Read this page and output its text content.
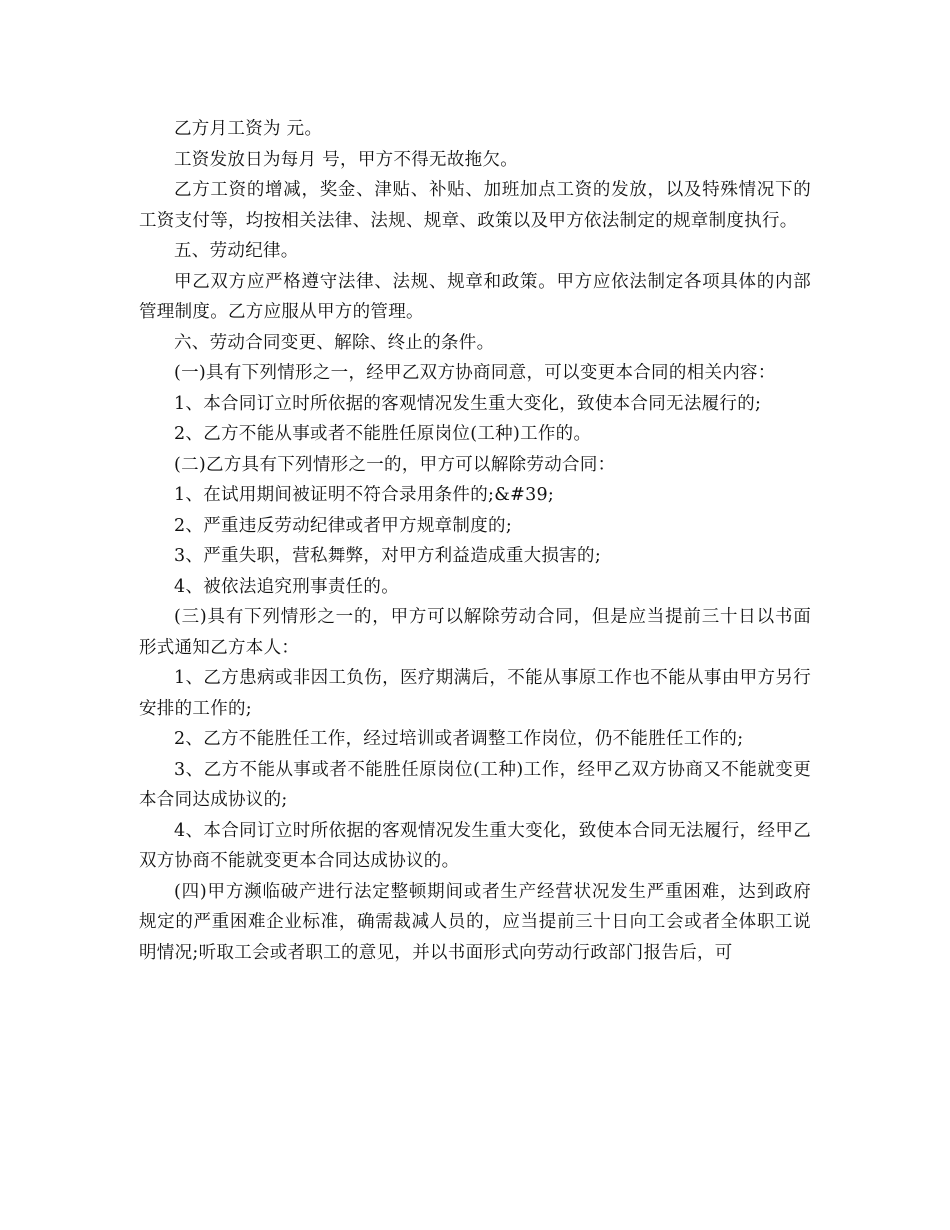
乙方月工资为 元。

工资发放日为每月 号，甲方不得无故拖欠。

乙方工资的增减，奖金、津贴、补贴、加班加点工资的发放，以及特殊情况下的工资支付等，均按相关法律、法规、规章、政策以及甲方依法制定的规章制度执行。

五、劳动纪律。

甲乙双方应严格遵守法律、法规、规章和政策。甲方应依法制定各项具体的内部管理制度。乙方应服从甲方的管理。

六、劳动合同变更、解除、终止的条件。

(一)具有下列情形之一，经甲乙双方协商同意，可以变更本合同的相关内容：

1、本合同订立时所依据的客观情况发生重大变化，致使本合同无法履行的;

2、乙方不能从事或者不能胜任原岗位(工种)工作的。

(二)乙方具有下列情形之一的，甲方可以解除劳动合同：

1、在试用期间被证明不符合录用条件的;&#39;

2、严重违反劳动纪律或者甲方规章制度的;

3、严重失职，营私舞弊，对甲方利益造成重大损害的;

4、被依法追究刑事责任的。

(三)具有下列情形之一的，甲方可以解除劳动合同，但是应当提前三十日以书面形式通知乙方本人：

1、乙方患病或非因工负伤，医疗期满后，不能从事原工作也不能从事由甲方另行安排的工作的;

2、乙方不能胜任工作，经过培训或者调整工作岗位，仍不能胜任工作的;

3、乙方不能从事或者不能胜任原岗位(工种)工作，经甲乙双方协商又不能就变更本合同达成协议的;

4、本合同订立时所依据的客观情况发生重大变化，致使本合同无法履行，经甲乙双方协商不能就变更本合同达成协议的。

(四)甲方濒临破产进行法定整顿期间或者生产经营状况发生严重困难，达到政府规定的严重困难企业标准，确需裁减人员的，应当提前三十日向工会或者全体职工说明情况;听取工会或者职工的意见，并以书面形式向劳动行政部门报告后，可
